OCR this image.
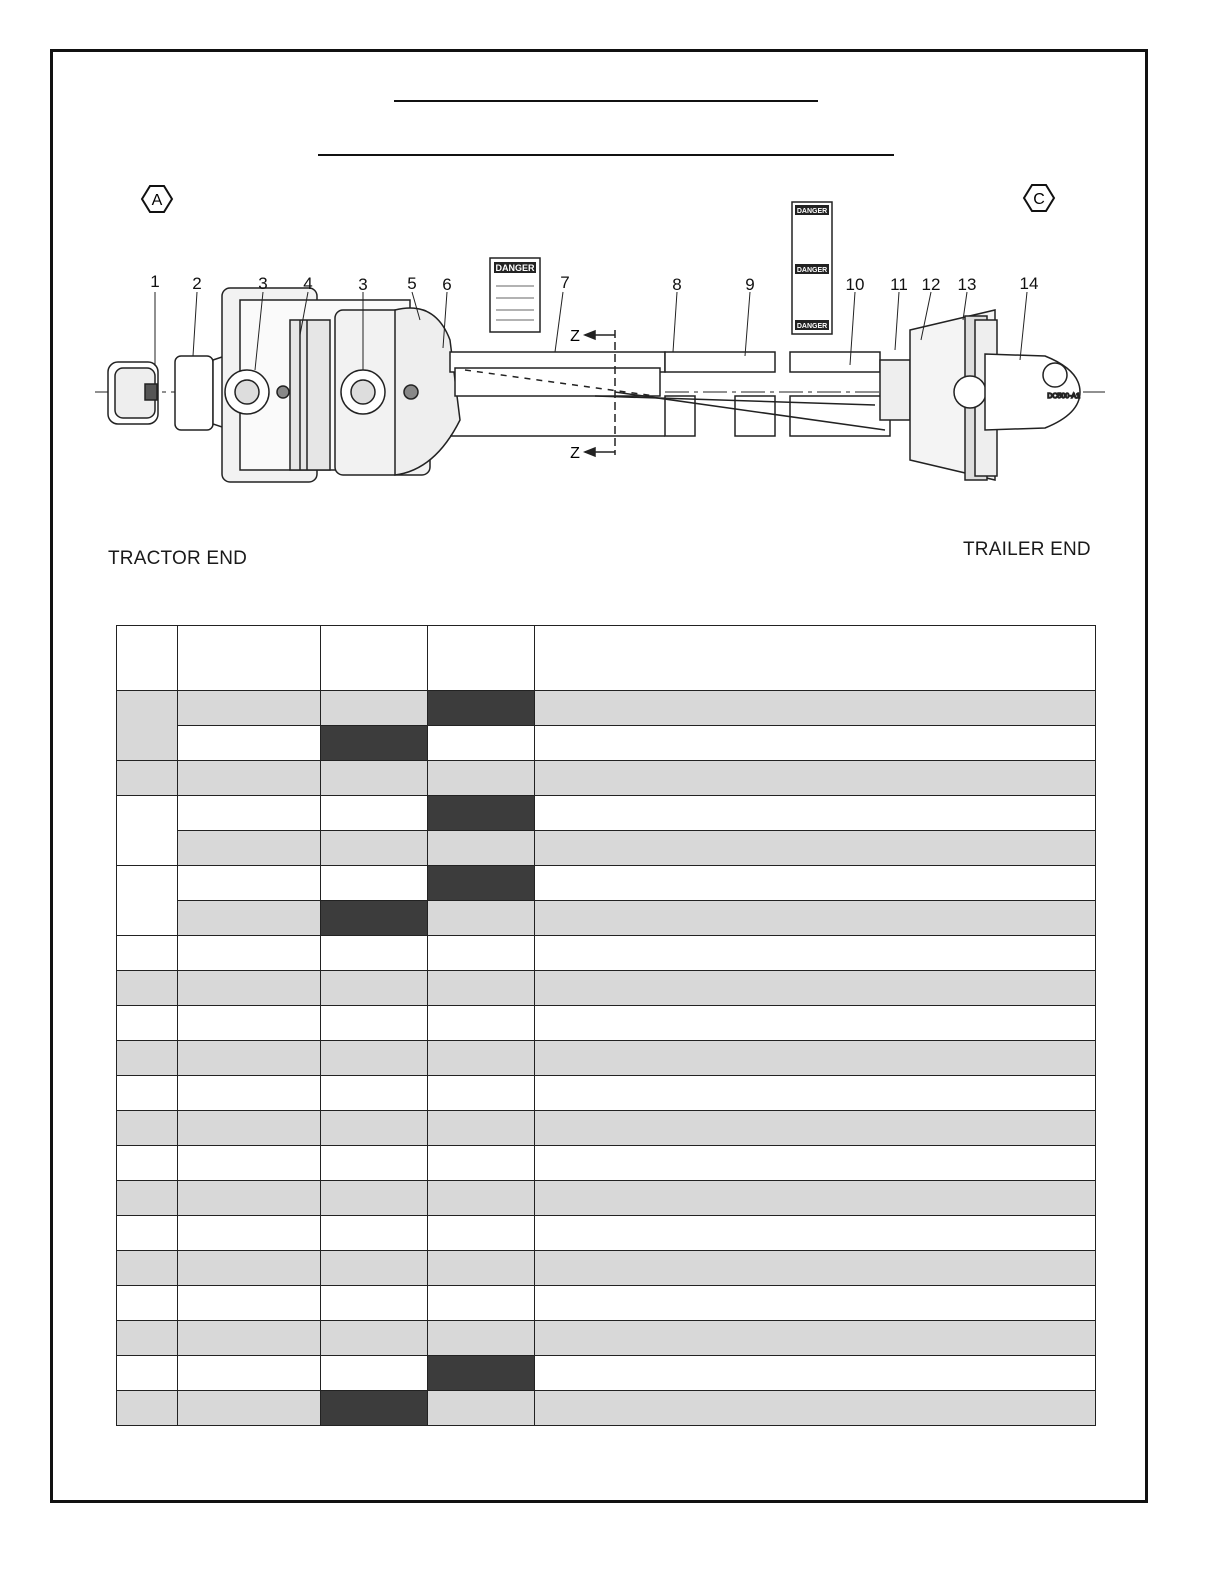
A	C
DC500-A1
DANGER
DANGER
DANGER
DANGER
Z
Z
1 2	3 4	3 5 6	7	8	9	10 11 12 13	14
TRACTOR END	TRAILER END
